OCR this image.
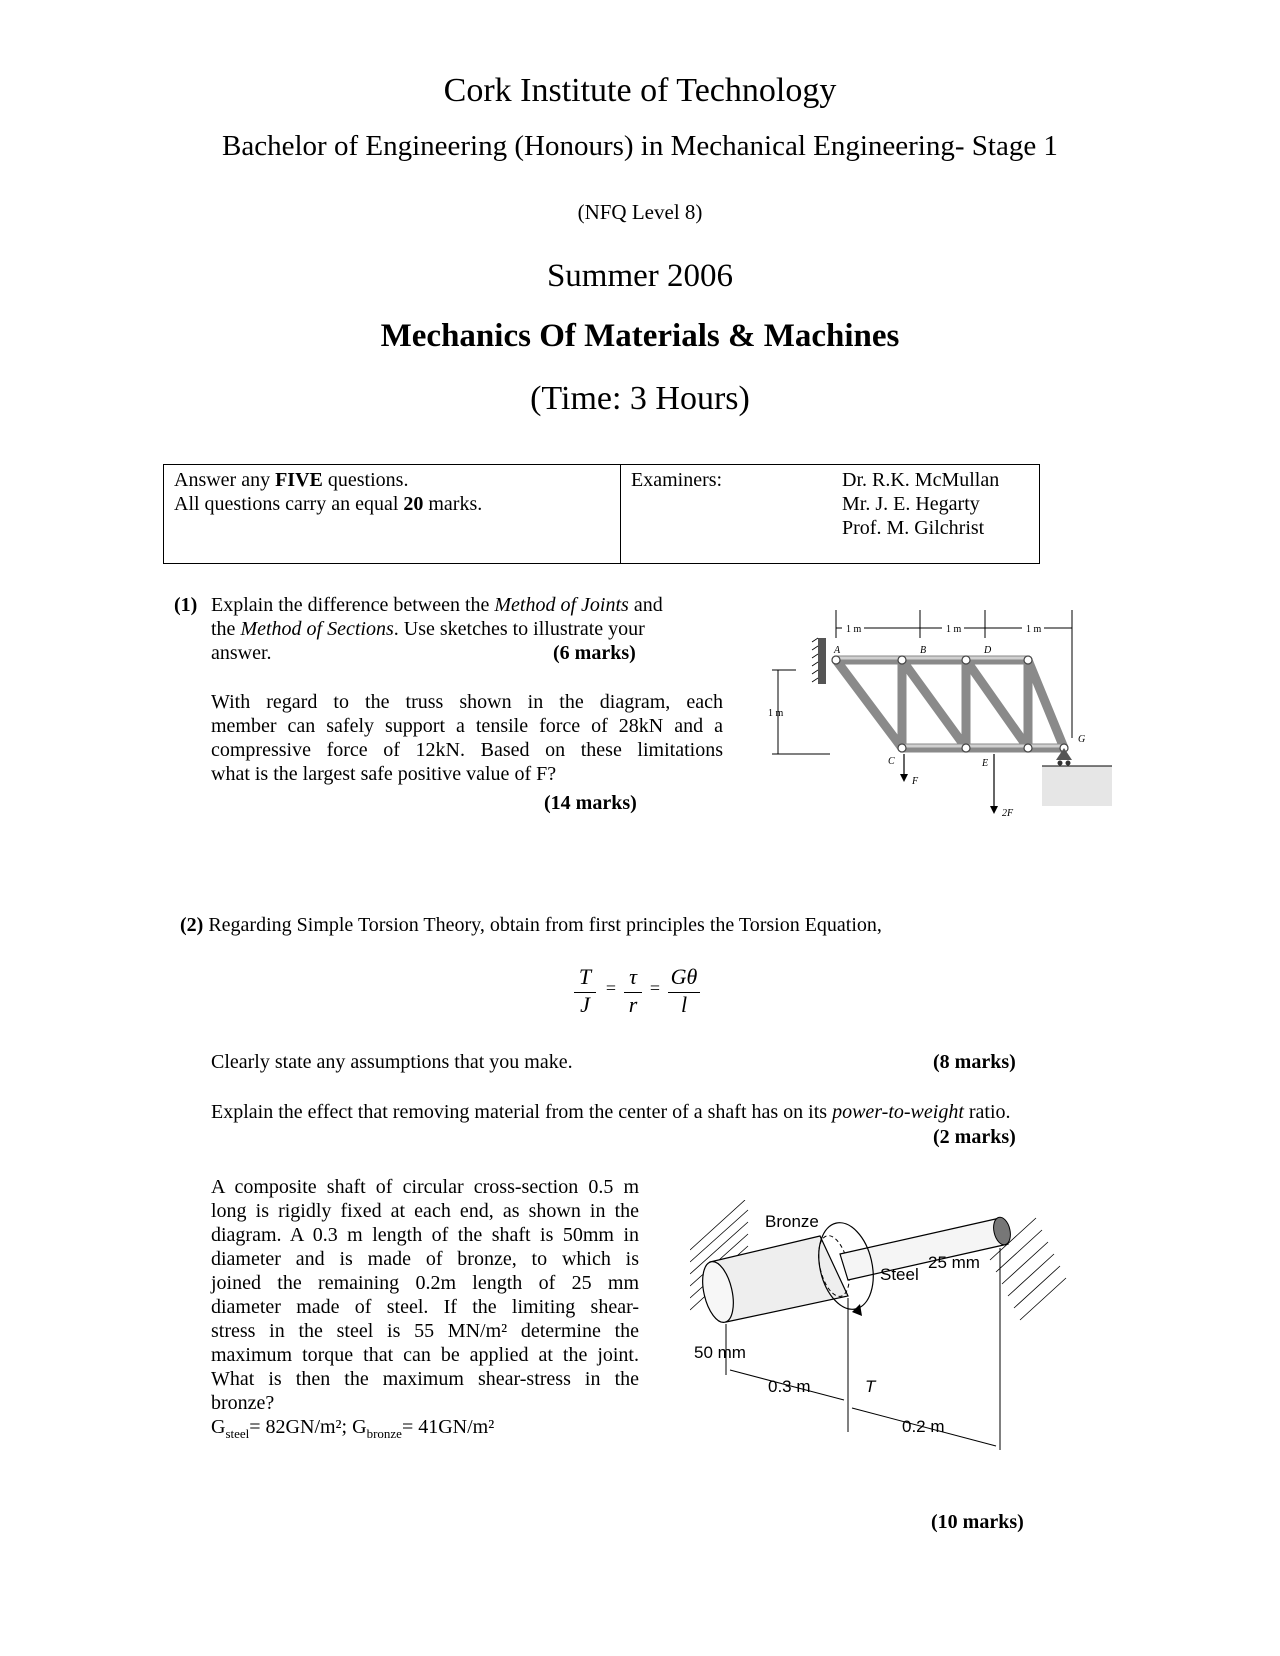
Cork Institute of Technology
Bachelor of Engineering (Honours) in Mechanical Engineering- Stage 1
(NFQ Level 8)
Summer 2006
Mechanics Of Materials & Machines
(Time: 3 Hours)
Answer any FIVE questions.
All questions carry an equal 20 marks.
Examiners:	Dr. R.K. McMullan
Mr. J. E. Hegarty
Prof. M. Gilchrist
(1) Explain the difference between the Method of Joints and
the Method of Sections. Use sketches to illustrate your
answer.	(6 marks)
With regard to the truss shown in the diagram, each
member can safely support a tensile force of 28kN and a
compressive force of 12kN. Based on these limitations
what is the largest safe positive value of F?
(14 marks)
1 m	1 m	1 m
1 m
A	B	D
C	E
G
F
2F
(2) Regarding Simple Torsion Theory, obtain from first principles the Torsion Equation,
T
J
= τ
r
= Gθ
l
Clearly state any assumptions that you make.	(8 marks)
Explain the effect that removing material from the center of a shaft has on its power-to-weight ratio.
(2 marks)
A composite shaft of circular cross-section 0.5 m
long is rigidly fixed at each end, as shown in the
diagram. A 0.3 m length of the shaft is 50mm in
diameter and is made of bronze, to which is
joined the remaining 0.2m length of 25 mm
diameter made of steel. If the limiting shear-
stress in the steel is 55 MN/m² determine the
maximum torque that can be applied at the joint.
What is then the maximum shear-stress in the
bronze?
$G_{steel}= 82GN/m^2$; $G_{bronze}= 41GN/m^2$
Bronze
Steel
25 mm
50 mm
0.3 m	T
0.2 m
(10 marks)
